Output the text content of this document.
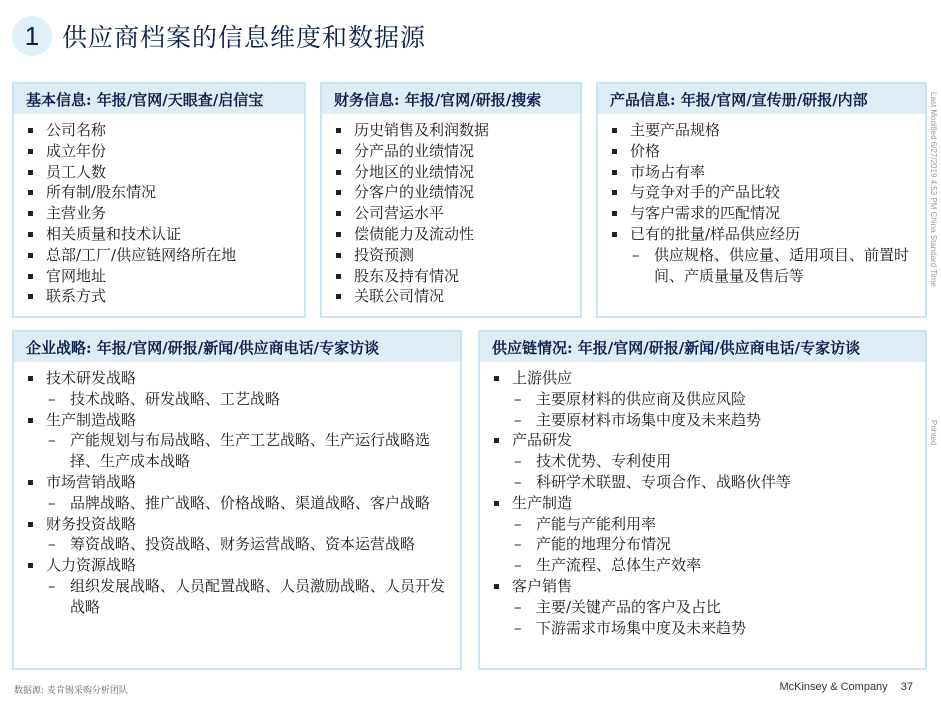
1 供应商档案的信息维度和数据源
基本信息: 年报/官网/天眼查/启信宝
公司名称
成立年份
员工人数
所有制/股东情况
主营业务
相关质量和技术认证
总部/工厂/供应链网络所在地
官网地址
联系方式
财务信息: 年报/官网/研报/搜索
历史销售及利润数据
分产品的业绩情况
分地区的业绩情况
分客户的业绩情况
公司营运水平
偿债能力及流动性
投资预测
股东及持有情况
关联公司情况
产品信息: 年报/官网/宣传册/研报/内部
主要产品规格
价格
市场占有率
与竞争对手的产品比较
与客户需求的匹配情况
已有的批量/样品供应经历
– 供应规格、供应量、适用项目、前置时间、产质量量及售后等
企业战略: 年报/官网/研报/新闻/供应商电话/专家访谈
技术研发战略
– 技术战略、研发战略、工艺战略
生产制造战略
– 产能规划与布局战略、生产工艺战略、生产运行战略选择、生产成本战略
市场营销战略
– 品牌战略、推广战略、价格战略、渠道战略、客户战略
财务投资战略
– 筹资战略、投资战略、财务运营战略、资本运营战略
人力资源战略
– 组织发展战略、人员配置战略、人员激励战略、人员开发战略
供应链情况: 年报/官网/研报/新闻/供应商电话/专家访谈
上游供应
– 主要原材料的供应商及供应风险
– 主要原材料市场集中度及未来趋势
产品研发
– 技术优势、专利使用
– 科研学术联盟、专项合作、战略伙伴等
生产制造
– 产能与产能利用率
– 产能的地理分布情况
– 生产流程、总体生产效率
客户销售
– 主要/关键产品的客户及占比
– 下游需求市场集中度及未来趋势
Last Modified 6/27/2019 4:53 PM China Standard Time
Printed
数据源: 麦肯锡采购分析团队	McKinsey & Company 37
